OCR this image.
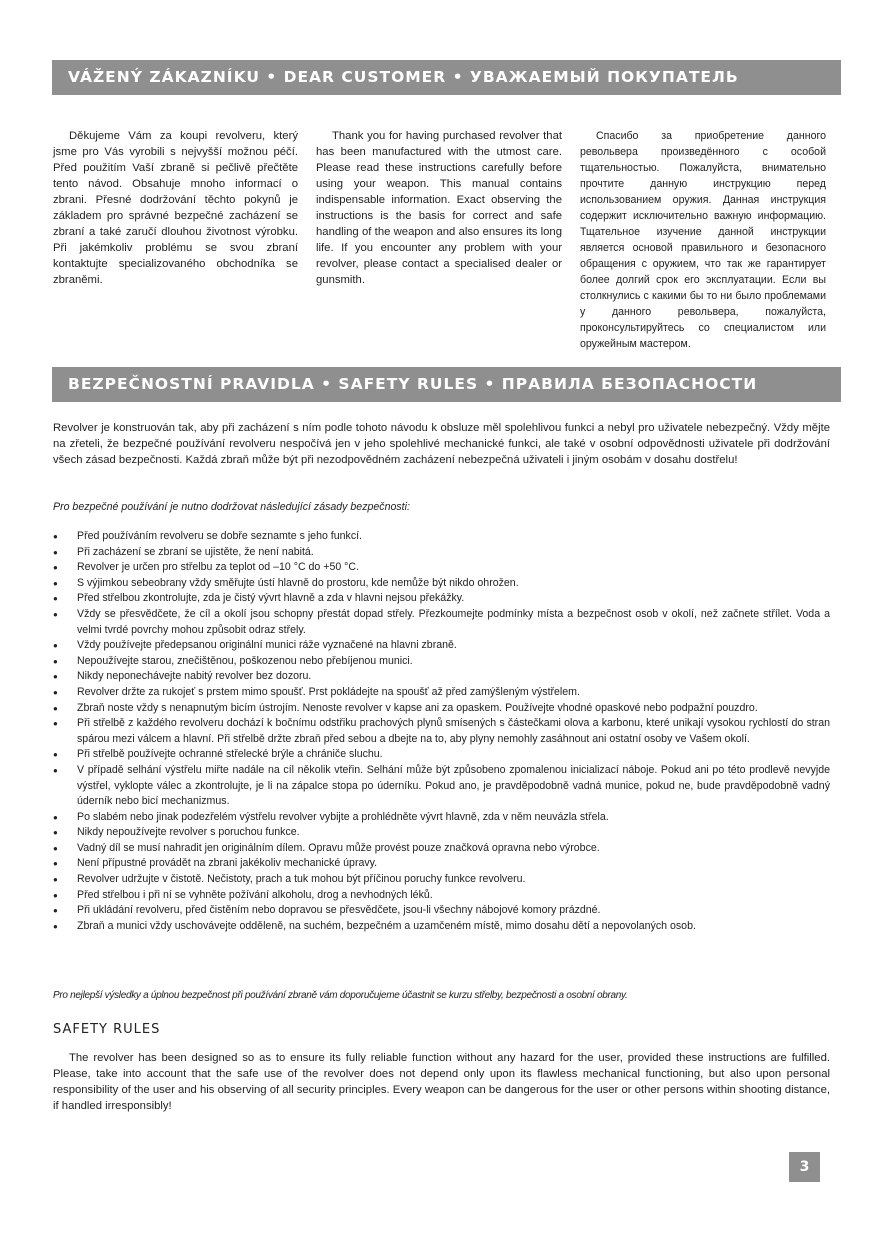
VÁŽENÝ ZÁKAZNÍKU • DEAR CUSTOMER • УВАЖАЕМЫЙ ПОКУПАТЕЛЬ

Děkujeme Vám za koupi revolveru, který jsme pro Vás vyrobili s nejvyšší možnou péčí. Před použitím Vaší zbraně si pečlivě přečtěte tento návod. Obsahuje mnoho informací o zbrani. Přesné dodržování těchto pokynů je základem pro správné bezpečné zacházení se zbraní a také zaručí dlouhou životnost výrobku. Při jakémkoliv problému se svou zbraní kontaktujte specializovaného obchodníka se zbraněmi.

Thank you for having purchased revolver that has been manufactured with the utmost care. Please read these instructions carefully before using your weapon. This manual contains indispensable information. Exact observing the instructions is the basis for correct and safe handling of the weapon and also ensures its long life. If you encounter any problem with your revolver, please contact a specialised dealer or gunsmith.

Спасибо за приобретение данного револьвера произведённого с особой тщательностью. Пожалуйста, внимательно прочтите данную инструкцию перед использованием оружия. Данная инструкция содержит исключительно важную информацию. Тщательное изучение данной инструкции является основой правильного и безопасного обращения с оружием, что так же гарантирует более долгий срок его эксплуатации. Если вы столкнулись с какими бы то ни было проблемами у данного револьвера, пожалуйста, проконсультируйтесь со специалистом или оружейным мастером.

BEZPEČNOSTNÍ PRAVIDLA • SAFETY RULES • ПРАВИЛА БЕЗОПАСНОСТИ

Revolver je konstruován tak, aby při zacházení s ním podle tohoto návodu k obsluze měl spolehlivou funkci a nebyl pro uživatele nebezpečný. Vždy mějte na zřeteli, že bezpečné používání revolveru nespočívá jen v jeho spolehlivé mechanické funkci, ale také v osobní odpovědnosti uživatele při dodržování všech zásad bezpečnosti. Každá zbraň může být při nezodpovědném zacházení nebezpečná uživateli i jiným osobám v dosahu dostřelu!

Pro bezpečné používání je nutno dodržovat následující zásady bezpečnosti:

● Před používáním revolveru se dobře seznamte s jeho funkcí.
● Při zacházení se zbraní se ujistěte, že není nabitá.
● Revolver je určen pro střelbu za teplot od –10 °C do +50 °C.
● S výjimkou sebeobrany vždy směřujte ústí hlavně do prostoru, kde nemůže být nikdo ohrožen.
● Před střelbou zkontrolujte, zda je čistý vývrt hlavně a zda v hlavni nejsou překážky.
● Vždy se přesvědčete, že cíl a okolí jsou schopny přestát dopad střely. Přezkoumejte podmínky místa a bezpečnost osob v okolí, než začnete střílet. Voda a velmi tvrdé povrchy mohou způsobit odraz střely.
● Vždy používejte předepsanou originální munici ráže vyznačené na hlavni zbraně.
● Nepoužívejte starou, znečištěnou, poškozenou nebo přebíjenou munici.
● Nikdy neponechávejte nabitý revolver bez dozoru.
● Revolver držte za rukojeť s prstem mimo spoušť. Prst pokládejte na spoušť až před zamýšleným výstřelem.
● Zbraň noste vždy s nenapnutým bicím ústrojím. Nenoste revolver v kapse ani za opaskem. Používejte vhodné opaskové nebo podpažní pouzdro.
● Při střelbě z každého revolveru dochází k bočnímu odstřiku prachových plynů smísených s částečkami olova a karbonu, které unikají vysokou rychlostí do stran spárou mezi válcem a hlavní. Při střelbě držte zbraň před sebou a dbejte na to, aby plyny nemohly zasáhnout ani ostatní osoby ve Vašem okolí.
● Při střelbě používejte ochranné střelecké brýle a chrániče sluchu.
● V případě selhání výstřelu miřte nadále na cíl několik vteřin. Selhání může být způsobeno zpomalenou inicializací náboje. Pokud ani po této prodlevě nevyjde výstřel, vyklopte válec a zkontrolujte, je li na zápalce stopa po úderníku. Pokud ano, je pravděpodobně vadná munice, pokud ne, bude pravděpodobně vadný úderník nebo bicí mechanizmus.
● Po slabém nebo jinak podezřelém výstřelu revolver vybijte a prohlédněte vývrt hlavně, zda v něm neuvázla střela.
● Nikdy nepoužívejte revolver s poruchou funkce.
● Vadný díl se musí nahradit jen originálním dílem. Opravu může provést pouze značková opravna nebo výrobce.
● Není přípustné provádět na zbrani jakékoliv mechanické úpravy.
● Revolver udržujte v čistotě. Nečistoty, prach a tuk mohou být příčinou poruchy funkce revolveru.
● Před střelbou i při ní se vyhněte požívání alkoholu, drog a nevhodných léků.
● Při ukládání revolveru, před čistěním nebo dopravou se přesvědčete, jsou-li všechny nábojové komory prázdné.
● Zbraň a munici vždy uschovávejte odděleně, na suchém, bezpečném a uzamčeném místě, mimo dosahu dětí a nepovolaných osob.

Pro nejlepší výsledky a úplnou bezpečnost při používání zbraně vám doporučujeme účastnit se kurzu střelby, bezpečnosti a osobní obrany.

SAFETY RULES

The revolver has been designed so as to ensure its fully reliable function without any hazard for the user, provided these instructions are fulfilled. Please, take into account that the safe use of the revolver does not depend only upon its flawless mechanical functioning, but also upon personal responsibility of the user and his observing of all security principles. Every weapon can be dangerous for the user or other persons within shooting distance, if handled irresponsibly!

3
